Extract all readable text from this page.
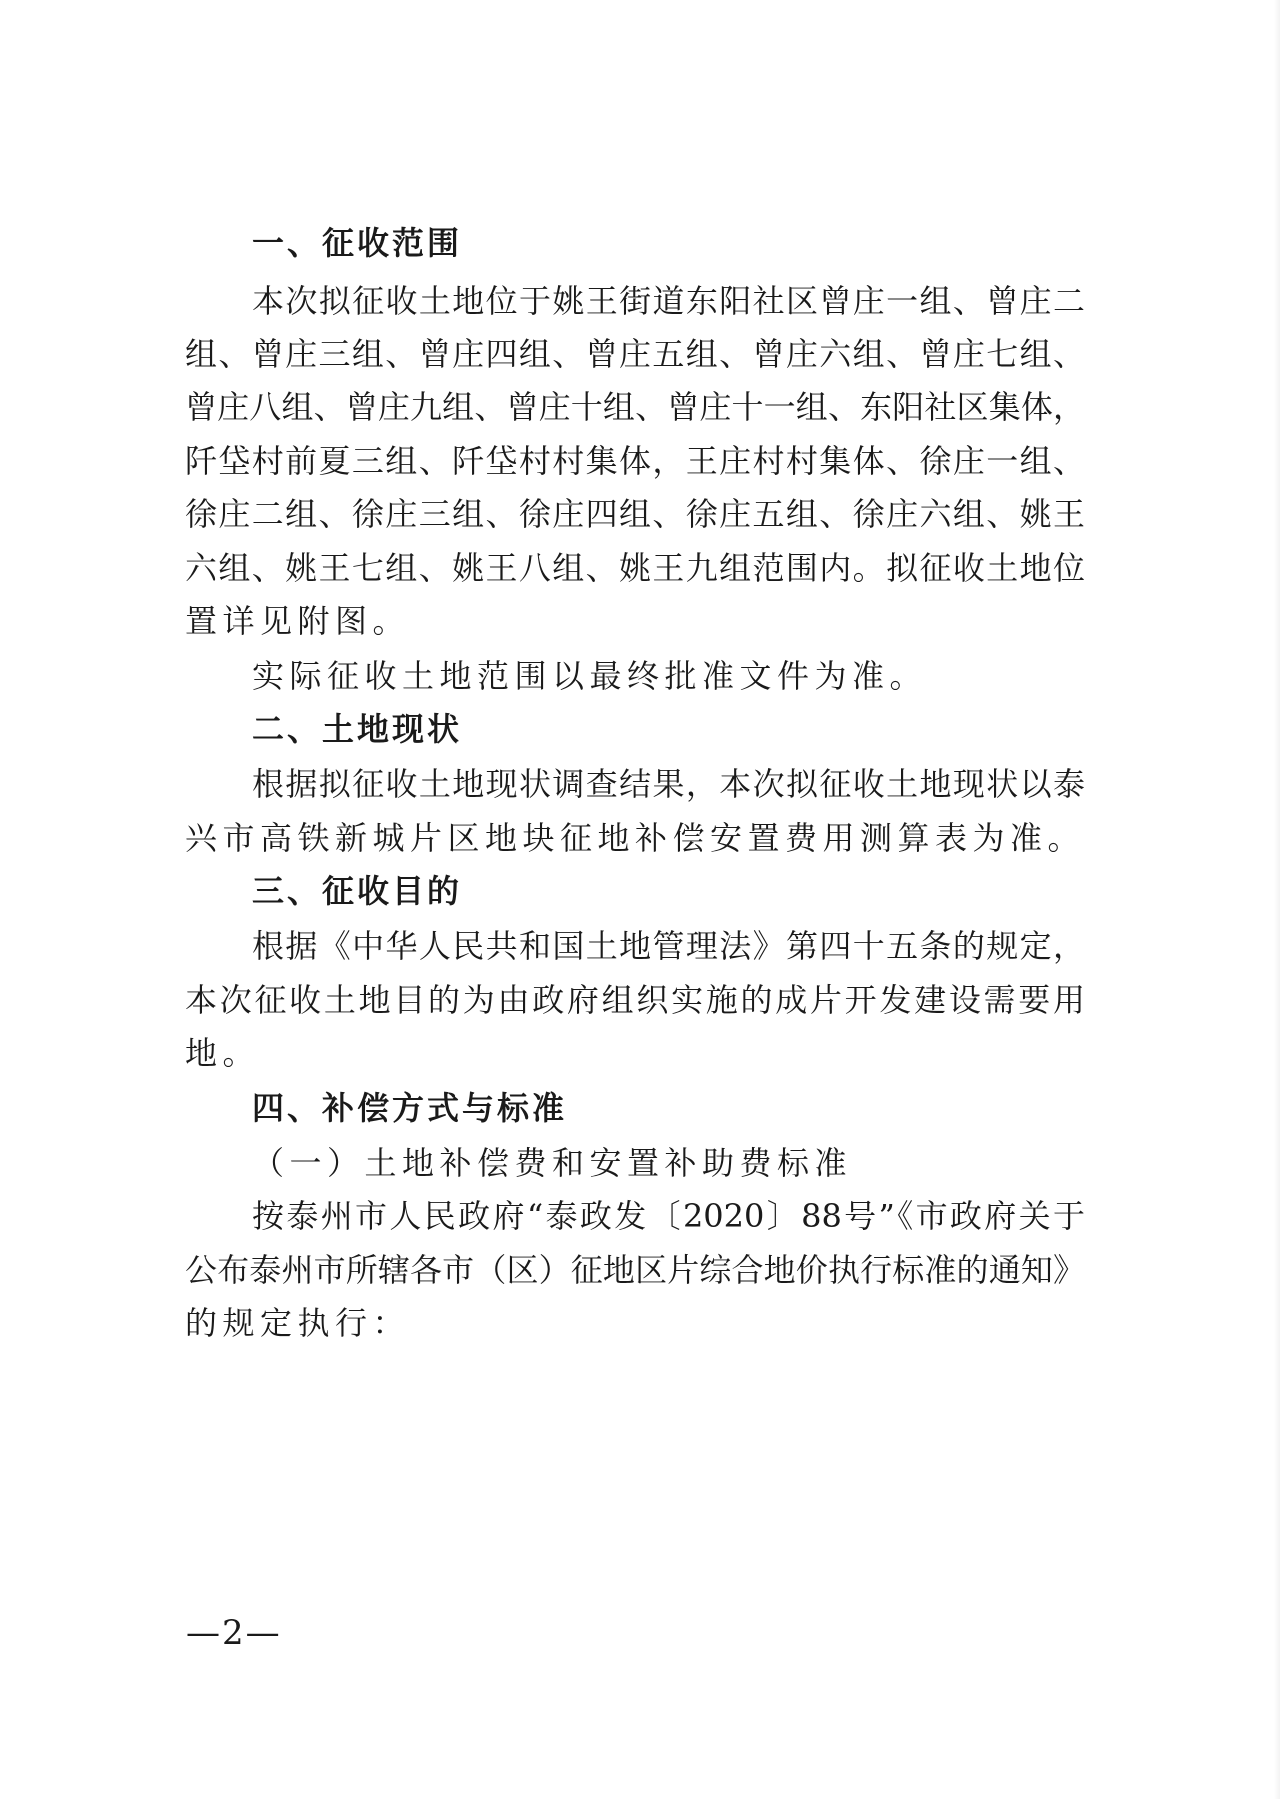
一、征收范围
本次拟征收土地位于姚王街道东阳社区曾庄一组、曾庄二
组、曾庄三组、曾庄四组、曾庄五组、曾庄六组、曾庄七组、
曾庄八组、曾庄九组、曾庄十组、曾庄十一组、东阳社区集体，
阡垈村前夏三组、阡垈村村集体，王庄村村集体、徐庄一组、
徐庄二组、徐庄三组、徐庄四组、徐庄五组、徐庄六组、姚王
六组、姚王七组、姚王八组、姚王九组范围内。拟征收土地位
置详见附图。
实际征收土地范围以最终批准文件为准。
二、土地现状
根据拟征收土地现状调查结果，本次拟征收土地现状以泰
兴市高铁新城片区地块征地补偿安置费用测算表为准。
三、征收目的
根据《中华人民共和国土地管理法》第四十五条的规定，
本次征收土地目的为由政府组织实施的成片开发建设需要用
地。
四、补偿方式与标准
（一）土地补偿费和安置补助费标准
按泰州市人民政府“泰政发〔2020〕88号”《市政府关于
公布泰州市所辖各市（区）征地区片综合地价执行标准的通知》
的规定执行：
—2—
